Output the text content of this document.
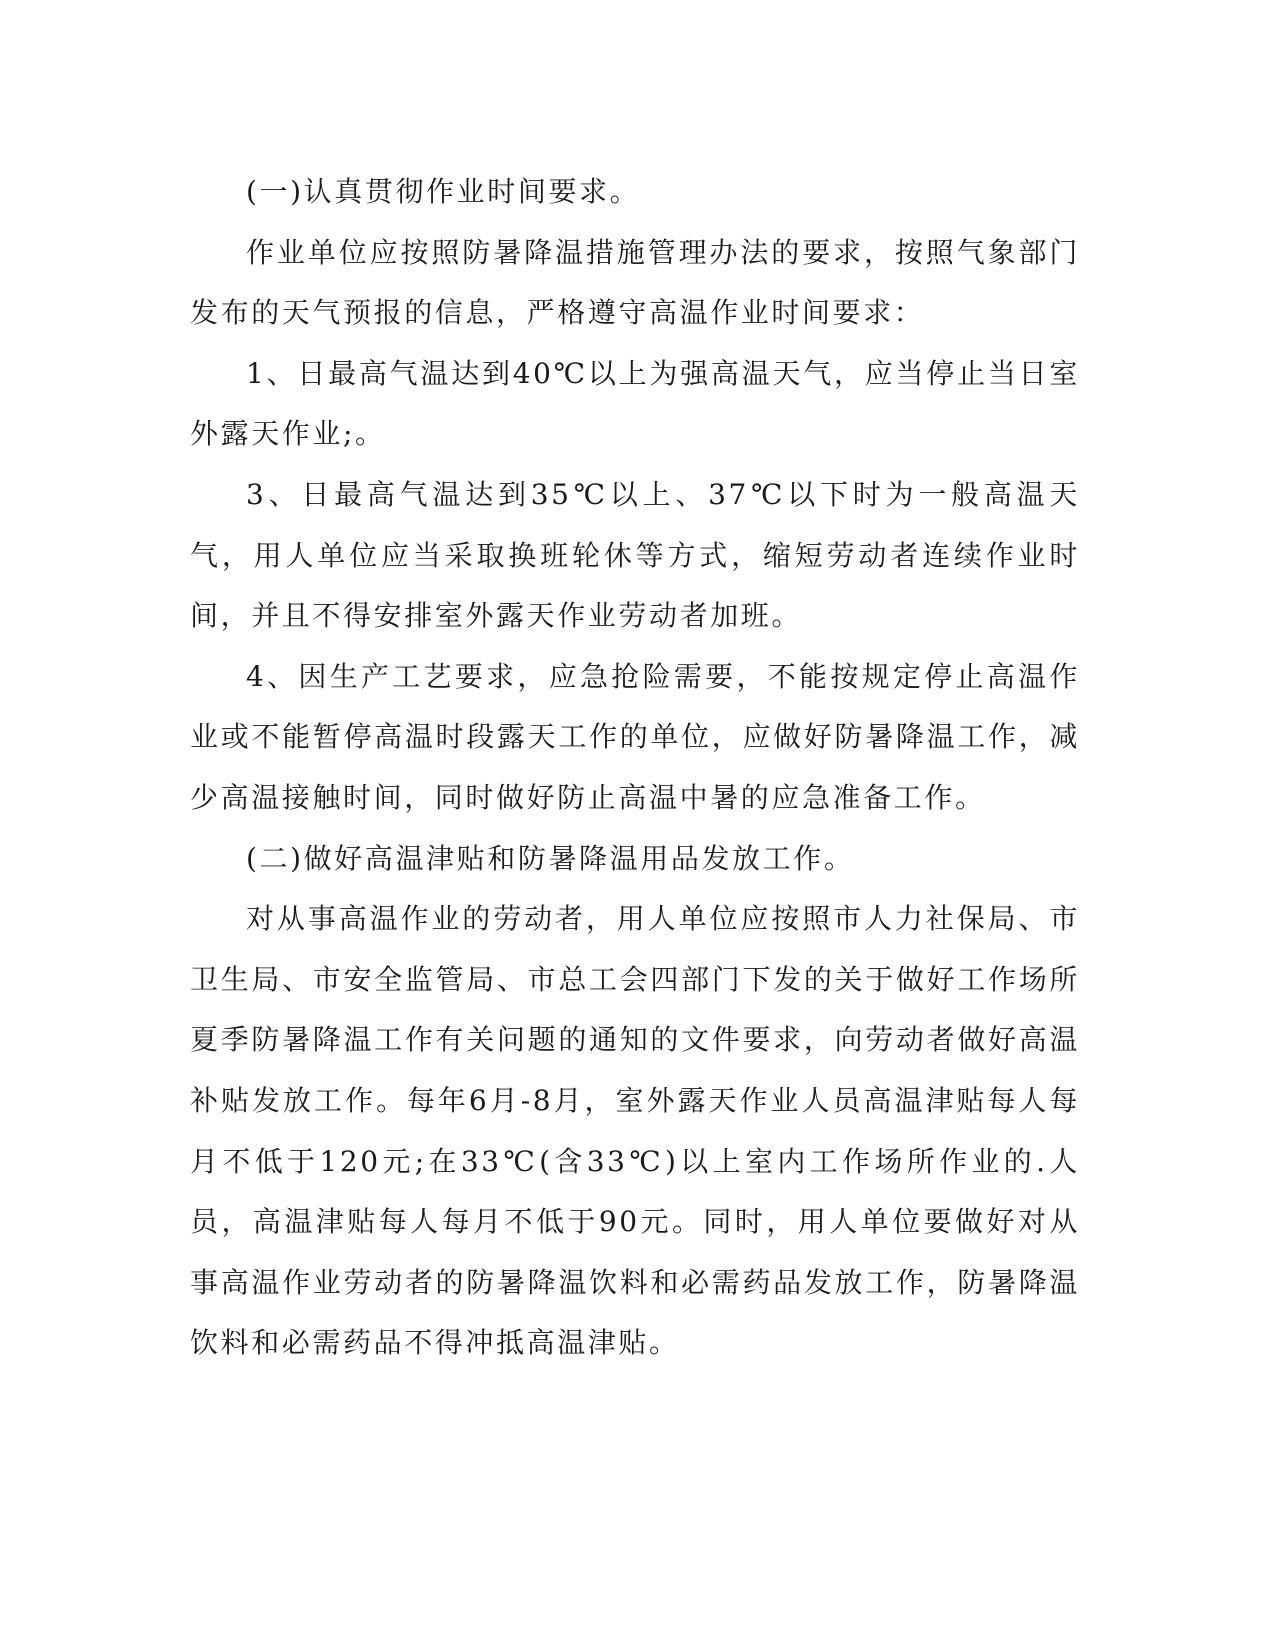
(一)认真贯彻作业时间要求。

作业单位应按照防暑降温措施管理办法的要求，按照气象部门发布的天气预报的信息，严格遵守高温作业时间要求：

1、日最高气温达到40℃以上为强高温天气，应当停止当日室外露天作业;。

3、日最高气温达到35℃以上、37℃以下时为一般高温天气，用人单位应当采取换班轮休等方式，缩短劳动者连续作业时间，并且不得安排室外露天作业劳动者加班。

4、因生产工艺要求，应急抢险需要，不能按规定停止高温作业或不能暂停高温时段露天工作的单位，应做好防暑降温工作，减少高温接触时间，同时做好防止高温中暑的应急准备工作。

(二)做好高温津贴和防暑降温用品发放工作。

对从事高温作业的劳动者，用人单位应按照市人力社保局、市卫生局、市安全监管局、市总工会四部门下发的关于做好工作场所夏季防暑降温工作有关问题的通知的文件要求，向劳动者做好高温补贴发放工作。每年6月-8月，室外露天作业人员高温津贴每人每月不低于120元;在33℃(含33℃)以上室内工作场所作业的.人员，高温津贴每人每月不低于90元。同时，用人单位要做好对从事高温作业劳动者的防暑降温饮料和必需药品发放工作，防暑降温饮料和必需药品不得冲抵高温津贴。
